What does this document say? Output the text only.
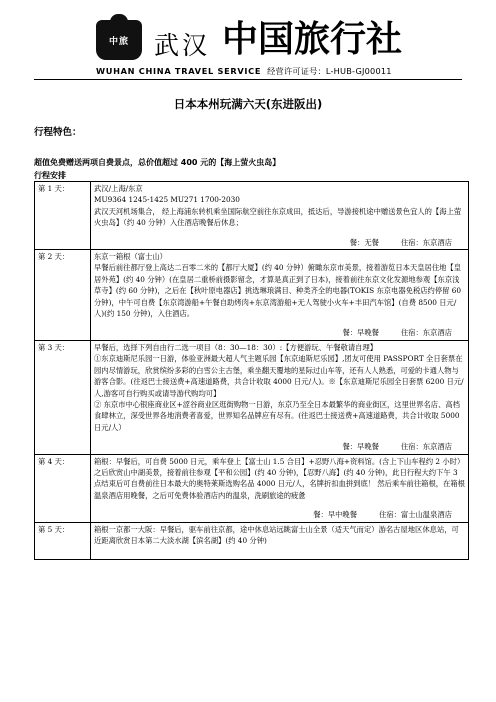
中旅 武汉 中国旅行社
WUHAN CHINA TRAVEL SERVICE 经营许可证号：L-HUB-GJ00011
日本本州玩满六天(东进阪出)
行程特色：
超值免费赠送两项自费景点，总价值超过 400 元的【海上萤火虫岛】
行程安排
第 1 天：	武汉/上海/东京
MU9364 1245-1425 MU271 1700-2030
武汉天河机场集合， 经上海浦东转机乘坐国际航空前往东京成田，抵达后，导游接机途中赠送景色宜人的【海上萤火虫岛】（约 40 分钟）入住酒店晚餐后休息；
餐：无餐 住宿：东京酒店

第 2 天：	东京一箱根（富士山）
早餐后前往都厅登上高达二百零二米的【都厅大厦】(约 40 分钟）俯瞰东京市美景，接着游览日本天皇居住地【皇居外苑】(约 40 分钟）(在皇居二重桥前摄影留念，才算是真正到了日本)，接着前往东京文化发源地参观【东京浅草寺】(约 60 分钟)，之后在【秋叶原电器店】挑选琳琅满目、种类齐全的电器(TOKIS 东京电器免税店约停留 60 分钟)，中午可自费【东京湾游船+午餐自助烤肉+东京湾游船+无人驾驶小火车+丰田汽车馆】(自费 8500 日元/人)(约 150 分钟)，入住酒店。
餐：早晚餐 住宿：东京酒店

第 3 天：	早餐后，选择下列自由行二选一项目（8：30—18：30）:【方便游玩、午餐敬请自理】
①东京迪斯尼乐园一日游，体验亚洲最大超人气主题乐园【东京迪斯尼乐园】,团友可使用 PASSPORT 全日套票在园内尽情游玩，欣赏缤纷多彩的白雪公主古堡，乘坐翻天覆地的星际过山车等，还有人人熟悉，可爱的卡通人物与游客合影。(往返巴士接送费+高速道路费，共合计收取 4000 日元/人)。※【东京迪斯尼乐园全日套票 6200 日元/人,游客可自行购买或请导游代购均可】
② 东京市中心银座商业区+涩谷商业区逛街购物一日游，东京乃至全日本最繁华的商业街区，这里世界名店、高档食肆林立，深受世界各地消费者喜爱，世界知名品牌应有尽有。(往返巴士接送费+高速道路费，共合计收取 5000 日元/人）
餐：早晚餐 住宿：东京酒店

第 4 天：	箱根：早餐后，可自费 5000 日元，乘车登上【富士山 1.5 合目】+忍野八海+资料馆。(含上下山车程约 2 小时）之后欣赏山中湖美景，接着前往参观【平和公园】(约 40 分钟)，【忍野八海】(约 40 分钟)，此日行程大约下午 3 点结束后可自费前往日本最大的奥特莱斯选购名品 4000 日元/人，名牌折扣血拼到底！ 然后乘车前往箱根，在箱根温泉酒店用晚餐，之后可免费体验酒店内的温泉，洗刷旅途的疲惫
餐：早中晚餐 住宿：富士山温泉酒店

第 5 天：	箱根一京都一大阪：早餐后，驱车前往京都，途中休息站远眺富士山全景（适天气而定）游名古屋地区休息站，可近距离欣赏日本第二大淡水湖【滨名湖】(约 40 分钟)
